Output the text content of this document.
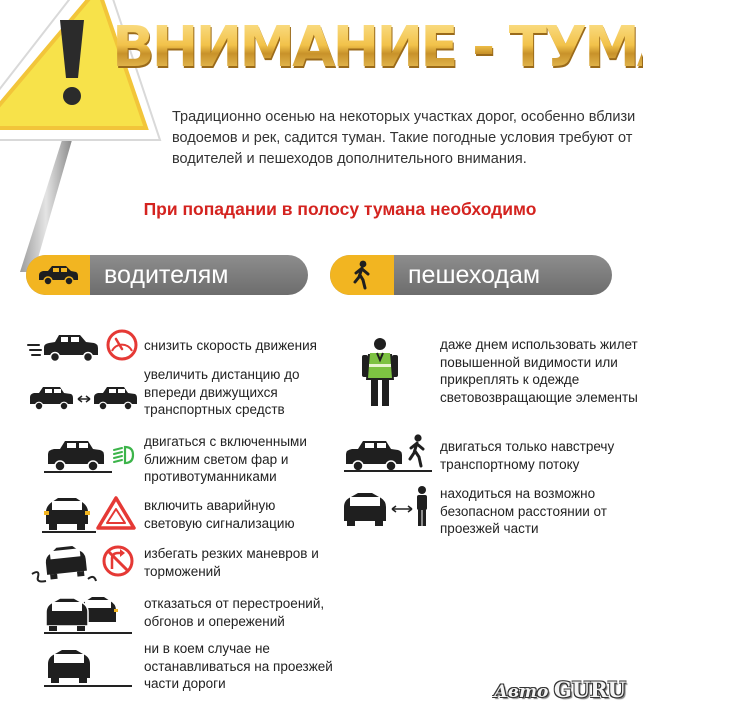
ВНИМАНИЕ - ТУМАН!

Традиционно осенью на некоторых участках дорог, особенно вблизи водоемов и рек, садится туман. Такие погодные условия требуют от водителей и пешеходов дополнительного внимания.

При попадании в полосу тумана необходимо
водителям	пешеходам
снизить скорость движения
увеличить дистанцию до впереди движущихся транспортных средств
двигаться с включенными ближним светом фар и противотуманниками
включить аварийную световую сигнализацию
избегать резких маневров и торможений
отказаться от перестроений, обгонов и опережений
ни в коем случае не останавливаться на проезжей части дороги
даже днем использовать жилет повышенной видимости или прикреплять к одежде световозвращающие элементы
двигаться только навстречу транспортному потоку
находиться на возможно безопасном расстоянии от проезжей части
Авто GURU
